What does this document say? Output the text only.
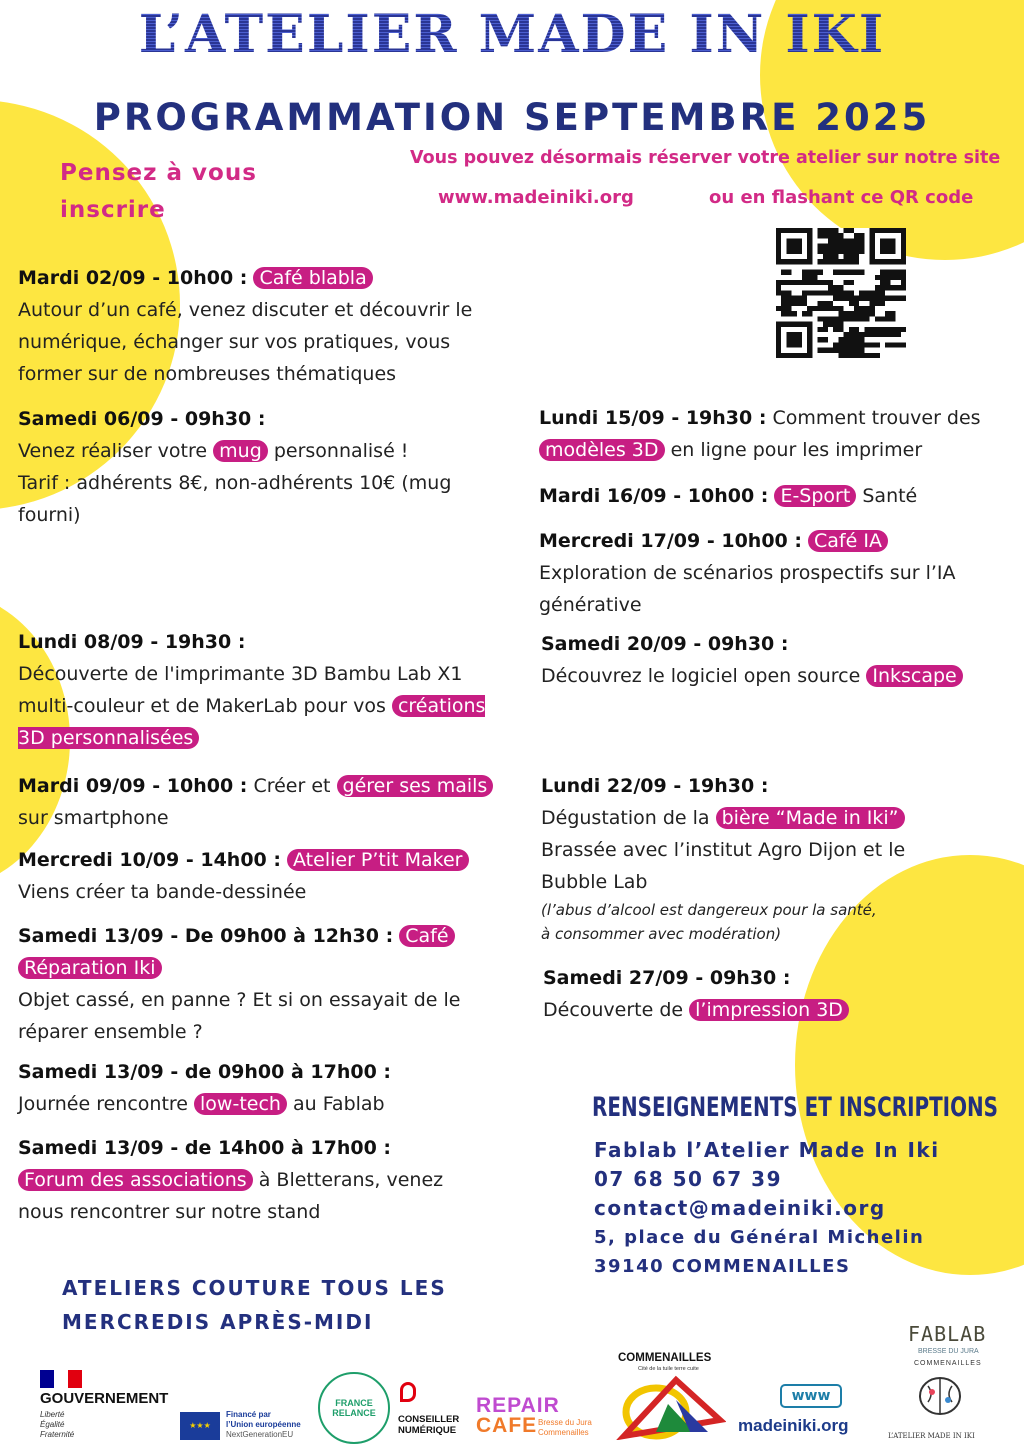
L’ATELIER MADE IN IKI
PROGRAMMATION SEPTEMBRE 2025
Pensez à vous
inscrire
Vous pouvez désormais réserver votre atelier sur notre site
www.madeiniki.org	ou en flashant ce QR code
Mardi 02/09 - 10h00 : Café blabla
Autour d’un café, venez discuter et découvrir le numérique, échanger sur vos pratiques, vous former sur de nombreuses thématiques
Samedi 06/09 - 09h30 :
Venez réaliser votre mug personnalisé !
Tarif : adhérents 8€, non-adhérents 10€ (mug fourni)
Lundi 08/09 - 19h30 :
Découverte de l'imprimante 3D Bambu Lab X1 multi-couleur et de MakerLab pour vos créations 3D personnalisées
Mardi 09/09 - 10h00 : Créer et gérer ses mails
sur smartphone
Mercredi 10/09 - 14h00 : Atelier P’tit Maker
Viens créer ta bande-dessinée
Samedi 13/09 - De 09h00 à 12h30 : Café
Réparation Iki
Objet cassé, en panne ? Et si on essayait de le réparer ensemble ?
Samedi 13/09 - de 09h00 à 17h00 :
Journée rencontre low-tech au Fablab
Samedi 13/09 - de 14h00 à 17h00 :
Forum des associations à Bletterans, venez
nous rencontrer sur notre stand
Lundi 15/09 - 19h30 : Comment trouver des
modèles 3D en ligne pour les imprimer
Mardi 16/09 - 10h00 : E-Sport Santé
Mercredi 17/09 - 10h00 : Café IA
Exploration de scénarios prospectifs sur l’IA générative
Samedi 20/09 - 09h30 :
Découvrez le logiciel open source Inkscape
Lundi 22/09 - 19h30 :
Dégustation de la bière “Made in Iki”
Brassée avec l’institut Agro Dijon et le Bubble Lab
(l’abus d’alcool est dangereux pour la santé,
à consommer avec modération)
Samedi 27/09 - 09h30 :
Découverte de l’impression 3D
RENSEIGNEMENTS ET INSCRIPTIONS
Fablab l’Atelier Made In Iki
07 68 50 67 39
contact@madeiniki.org
5, place du Général Michelin
39140 COMMENAILLES
ATELIERS COUTURE TOUS LES
MERCREDIS APRÈS-MIDI
GOUVERNEMENT
Liberté
Égalité
Fraternité
★★★
Financé par
l’Union européenne
NextGenerationEU
FRANCE RELANCE
CONSEILLER
NUMÉRIQUE
REPAIR
CAFE Bresse du Jura
Commenailles
COMMENAILLES
Cité de la tuile terre cuite
www
madeiniki.org
FABLAB
BRESSE DU JURA
COMMENAILLES
L’ATELIER MADE IN IKI
